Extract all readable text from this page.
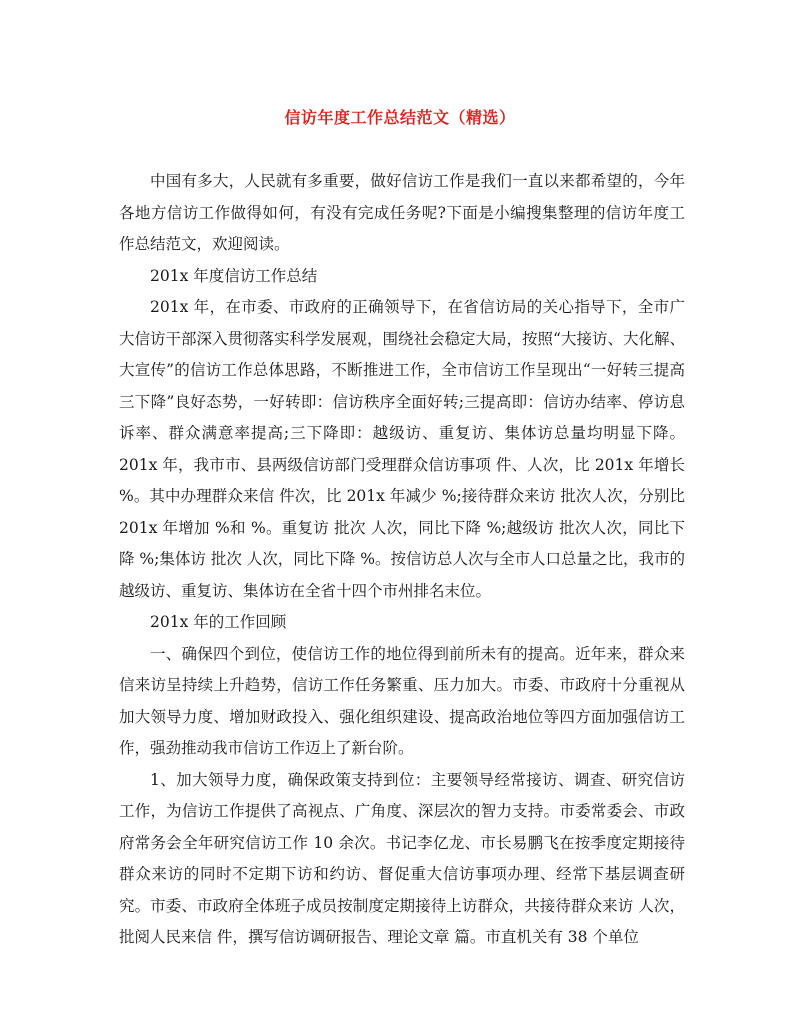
信访年度工作总结范文（精选）

中国有多大，人民就有多重要，做好信访工作是我们一直以来都希望的，今年各地方信访工作做得如何，有没有完成任务呢?下面是小编搜集整理的信访年度工作总结范文，欢迎阅读。

201x 年度信访工作总结

201x 年，在市委、市政府的正确领导下，在省信访局的关心指导下，全市广大信访干部深入贯彻落实科学发展观，围绕社会稳定大局，按照“大接访、大化解、大宣传”的信访工作总体思路，不断推进工作，全市信访工作呈现出“一好转三提高三下降”良好态势，一好转即：信访秩序全面好转;三提高即：信访办结率、停访息诉率、群众满意率提高;三下降即：越级访、重复访、集体访总量均明显下降。 201x 年，我市市、县两级信访部门受理群众信访事项 件、人次，比 201x 年增长 %。其中办理群众来信 件次，比 201x 年减少 %;接待群众来访 批次人次，分别比 201x 年增加 %和 %。重复访 批次 人次，同比下降 %;越级访 批次人次，同比下降 %;集体访 批次 人次，同比下降 %。按信访总人次与全市人口总量之比，我市的越级访、重复访、集体访在全省十四个市州排名末位。

201x 年的工作回顾

一、确保四个到位，使信访工作的地位得到前所未有的提高。近年来，群众来信来访呈持续上升趋势，信访工作任务繁重、压力加大。市委、市政府十分重视从加大领导力度、增加财政投入、强化组织建设、提高政治地位等四方面加强信访工作，强劲推动我市信访工作迈上了新台阶。

1、加大领导力度，确保政策支持到位：主要领导经常接访、调查、研究信访工作，为信访工作提供了高视点、广角度、深层次的智力支持。市委常委会、市政府常务会全年研究信访工作 10 余次。书记李亿龙、市长易鹏飞在按季度定期接待群众来访的同时不定期下访和约访、督促重大信访事项办理、经常下基层调查研究。市委、市政府全体班子成员按制度定期接待上访群众，共接待群众来访 人次，批阅人民来信 件，撰写信访调研报告、理论文章 篇。市直机关有 38 个单位
